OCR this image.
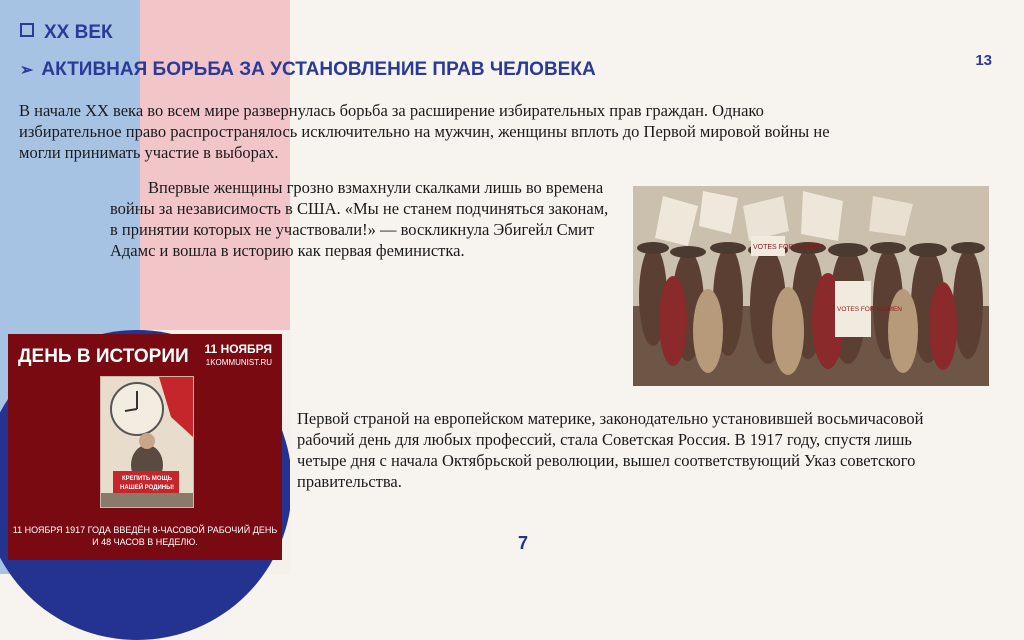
XX ВЕК
➢ АКТИВНАЯ БОРЬБА ЗА УСТАНОВЛЕНИЕ ПРАВ ЧЕЛОВЕКА	13

В начале XX века во всем мире развернулась борьба за расширение избирательных прав граждан. Однако избирательное право распространялось исключительно на мужчин, женщины вплоть до Первой мировой войны не могли принимать участие в выборах.

Впервые женщины грозно взмахнули скалками лишь во времена войны за независимость в США. «Мы не станем подчиняться законам, в принятии которых не участвовали!» — воскликнула Эбигейл Смит Адамс и вошла в историю как первая феминистка.	VOTES FOR WOMEN
VOTES FOR WOMEN
ДЕНЬ В ИСТОРИИ 11 НОЯБРЯ
1KOMMUNIST.RU
КРЕПИТЬ МОЩЬ
НАШЕЙ РОДИНЫ!
11 НОЯБРЯ 1917 ГОДА ВВЕДЁН 8-ЧАСОВОЙ РАБОЧИЙ ДЕНЬ И 48 ЧАСОВ В НЕДЕЛЮ.

Первой страной на европейском материке, законодательно установившей восьмичасовой рабочий день для любых профессий, стала Советская Россия. В 1917 году, спустя лишь четыре дня с начала Октябрьской революции, вышел соответствующий Указ советского правительства.

7
